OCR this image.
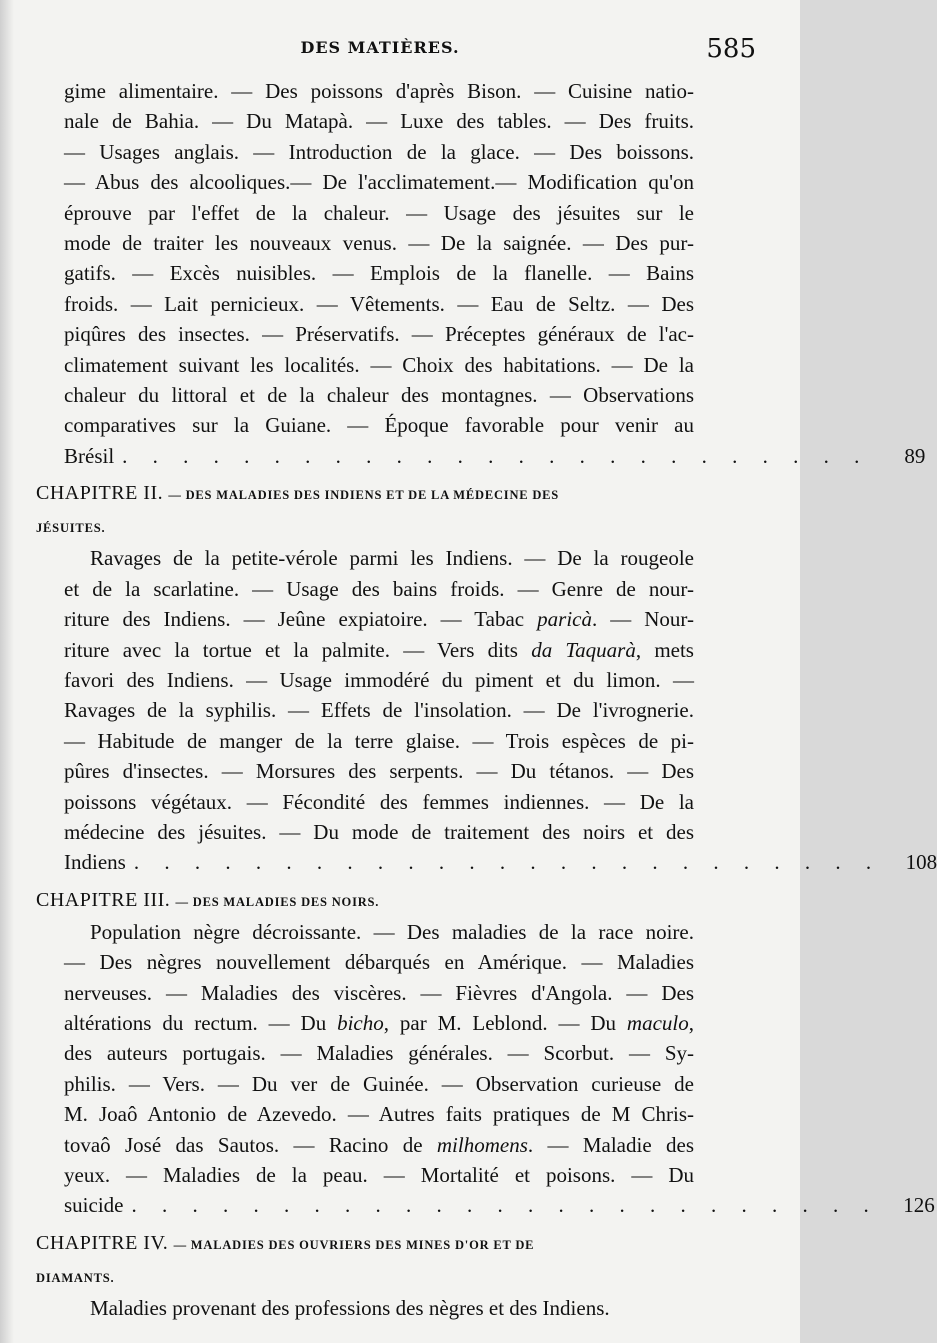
DES MATIÈRES.	585

gime alimentaire. — Des poissons d'après Bison. — Cuisine natio-

nale de Bahia. — Du Matapà. — Luxe des tables. — Des fruits.

— Usages anglais. — Introduction de la glace. — Des boissons.

— Abus des alcooliques.— De l'acclimatement.— Modification qu'on

éprouve par l'effet de la chaleur. — Usage des jésuites sur le

mode de traiter les nouveaux venus. — De la saignée. — Des pur-

gatifs. — Excès nuisibles. — Emplois de la flanelle. — Bains

froids. — Lait pernicieux. — Vêtements. — Eau de Seltz. — Des

piqûres des insectes. — Préservatifs. — Préceptes généraux de l'ac-

climatement suivant les localités. — Choix des habitations. — De la

chaleur du littoral et de la chaleur des montagnes. — Observations

comparatives sur la Guiane. — Époque favorable pour venir au

Brésil . . . . . . . . . . . . . . . . . . . . . . . . .	89
CHAPITRE II. — DES MALADIES DES INDIENS ET DE LA MÉDECINE DES
JÉSUITES.

Ravages de la petite-vérole parmi les Indiens. — De la rougeole

et de la scarlatine. — Usage des bains froids. — Genre de nour-

riture des Indiens. — Jeûne expiatoire. — Tabac paricà. — Nour-

riture avec la tortue et la palmite. — Vers dits da Taquarà, mets

favori des Indiens. — Usage immodéré du piment et du limon. —

Ravages de la syphilis. — Effets de l'insolation. — De l'ivrognerie.

— Habitude de manger de la terre glaise. — Trois espèces de pi-

pûres d'insectes. — Morsures des serpents. — Du tétanos. — Des

poissons végétaux. — Fécondité des femmes indiennes. — De la

médecine des jésuites. — Du mode de traitement des noirs et des

Indiens . . . . . . . . . . . . . . . . . . . . . . . . .	108
CHAPITRE III. — DES MALADIES DES NOIRS.

Population nègre décroissante. — Des maladies de la race noire.

— Des nègres nouvellement débarqués en Amérique. — Maladies

nerveuses. — Maladies des viscères. — Fièvres d'Angola. — Des

altérations du rectum. — Du bicho, par M. Leblond. — Du maculo,

des auteurs portugais. — Maladies générales. — Scorbut. — Sy-

philis. — Vers. — Du ver de Guinée. — Observation curieuse de

M. Joaô Antonio de Azevedo. — Autres faits pratiques de M Chris-

tovaô José das Sautos. — Racino de milhomens. — Maladie des

yeux. — Maladies de la peau. — Mortalité et poisons. — Du

suicide . . . . . . . . . . . . . . . . . . . . . . . . .	126
CHAPITRE IV. — MALADIES DES OUVRIERS DES MINES D'OR ET DE
DIAMANTS.

Maladies provenant des professions des nègres et des Indiens.
